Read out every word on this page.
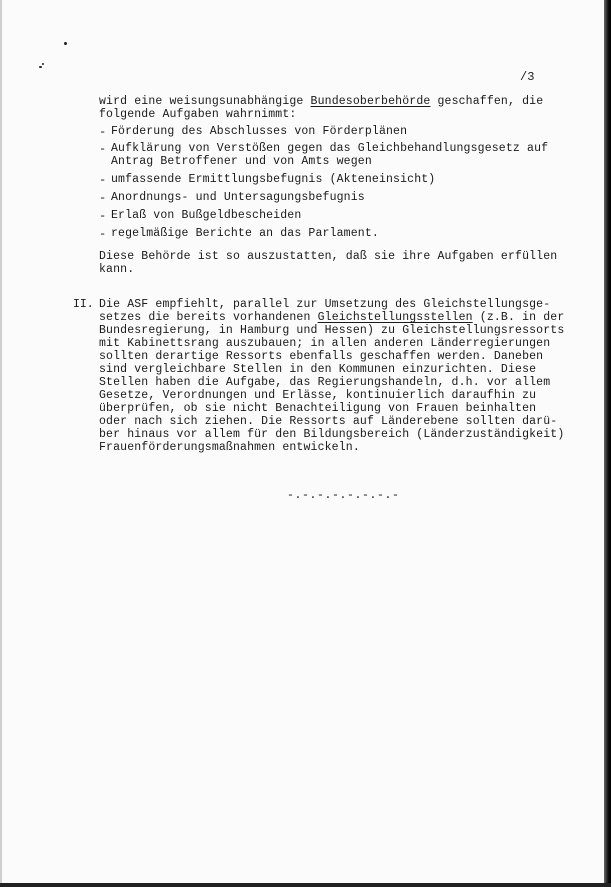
/3
wird eine weisungsunabhängige Bundesoberbehörde geschaffen, die
folgende Aufgaben wahrnimmt:
- Förderung des Abschlusses von Förderplänen
- Aufklärung von Verstößen gegen das Gleichbehandlungsgesetz auf
Antrag Betroffener und von Amts wegen
- umfassende Ermittlungsbefugnis (Akteneinsicht)
- Anordnungs- und Untersagungsbefugnis
- Erlaß von Bußgeldbescheiden
- regelmäßige Berichte an das Parlament.
Diese Behörde ist so auszustatten, daß sie ihre Aufgaben erfüllen
kann.
II. Die ASF empfiehlt, parallel zur Umsetzung des Gleichstellungsge-
setzes die bereits vorhandenen Gleichstellungsstellen (z.B. in der
Bundesregierung, in Hamburg und Hessen) zu Gleichstellungsressorts
mit Kabinettsrang auszubauen; in allen anderen Länderregierungen
sollten derartige Ressorts ebenfalls geschaffen werden. Daneben
sind vergleichbare Stellen in den Kommunen einzurichten. Diese
Stellen haben die Aufgabe, das Regierungshandeln, d.h. vor allem
Gesetze, Verordnungen und Erlässe, kontinuierlich daraufhin zu
überprüfen, ob sie nicht Benachteiligung von Frauen beinhalten
oder nach sich ziehen. Die Ressorts auf Länderebene sollten darü-
ber hinaus vor allem für den Bildungsbereich (Länderzuständigkeit)
Frauenförderungsmaßnahmen entwickeln.
-.-.-.-.-.-.-.-
